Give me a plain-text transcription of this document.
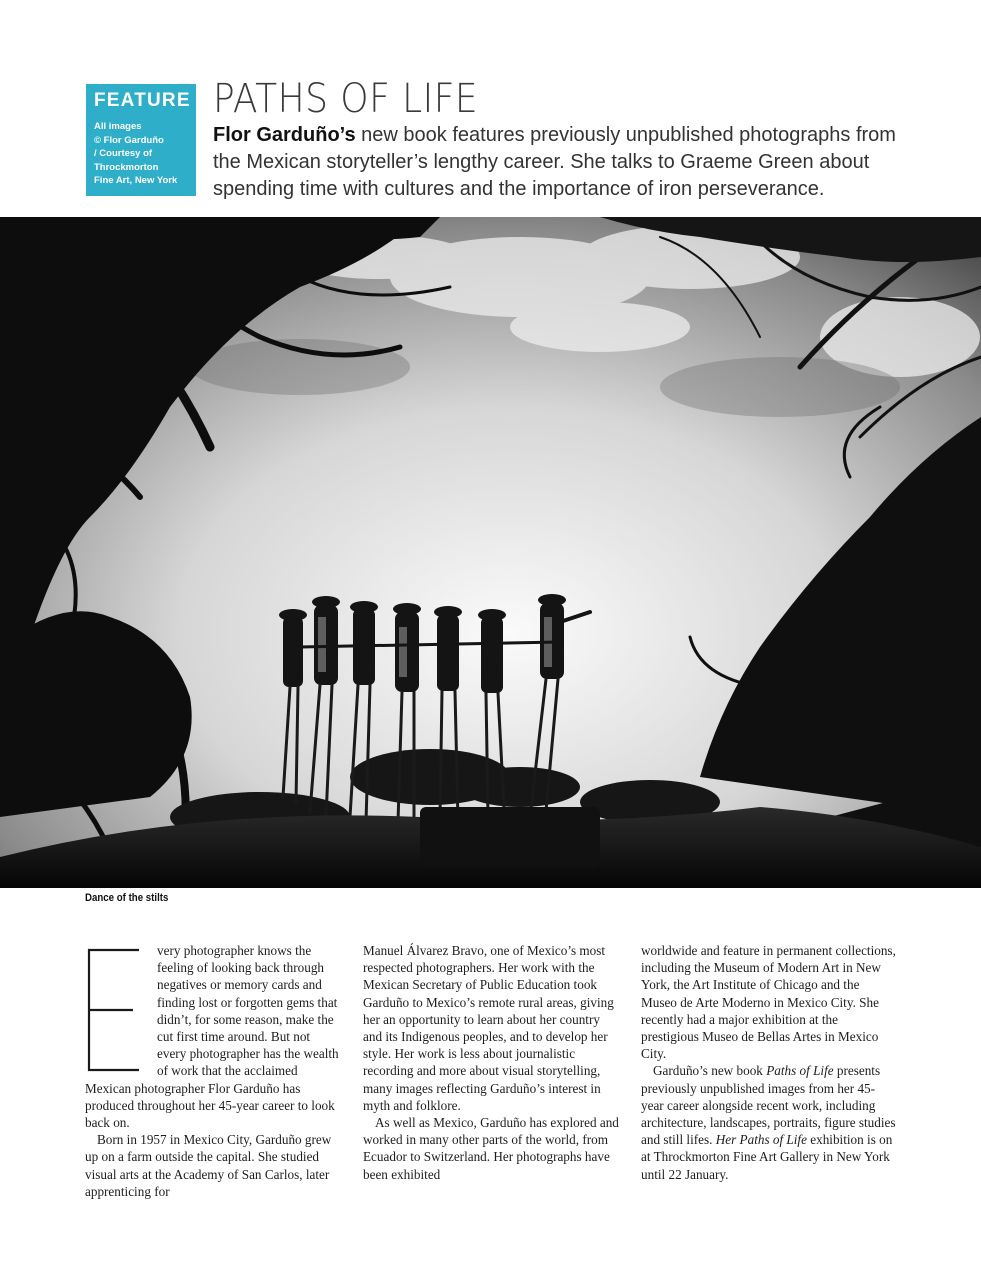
FEATURE
All images
© Flor Garduño
/ Courtesy of
Throckmorton
Fine Art, New York
PATHS OF LIFE

Flor Garduño’s new book features previously unpublished photographs from the Mexican storyteller’s lengthy career. She talks to Graeme Green about spending time with cultures and the importance of iron perseverance.

Dance of the stilts

very photographer knows the feeling of looking back through negatives or memory cards and finding lost or forgotten gems that didn’t, for some reason, make the cut first time around. But not every photographer has the wealth of work that the acclaimed Mexican photographer Flor Garduño has produced throughout her 45-year career to look back on.

Born in 1957 in Mexico City, Garduño grew up on a farm outside the capital. She studied visual arts at the Academy of San Carlos, later apprenticing for

Manuel Álvarez Bravo, one of Mexico’s most respected photographers. Her work with the Mexican Secretary of Public Education took Garduño to Mexico’s remote rural areas, giving her an opportunity to learn about her country and its Indigenous peoples, and to develop her style. Her work is less about journalistic recording and more about visual storytelling, many images reflecting Garduño’s interest in myth and folklore.

As well as Mexico, Garduño has explored and worked in many other parts of the world, from Ecuador to Switzerland. Her photographs have been exhibited

worldwide and feature in permanent collections, including the Museum of Modern Art in New York, the Art Institute of Chicago and the Museo de Arte Moderno in Mexico City. She recently had a major exhibition at the prestigious Museo de Bellas Artes in Mexico City.

Garduño’s new book Paths of Life presents previously unpublished images from her 45-year career alongside recent work, including architecture, landscapes, portraits, figure studies and still lifes. Her Paths of Life exhibition is on at Throckmorton Fine Art Gallery in New York until 22 January.
